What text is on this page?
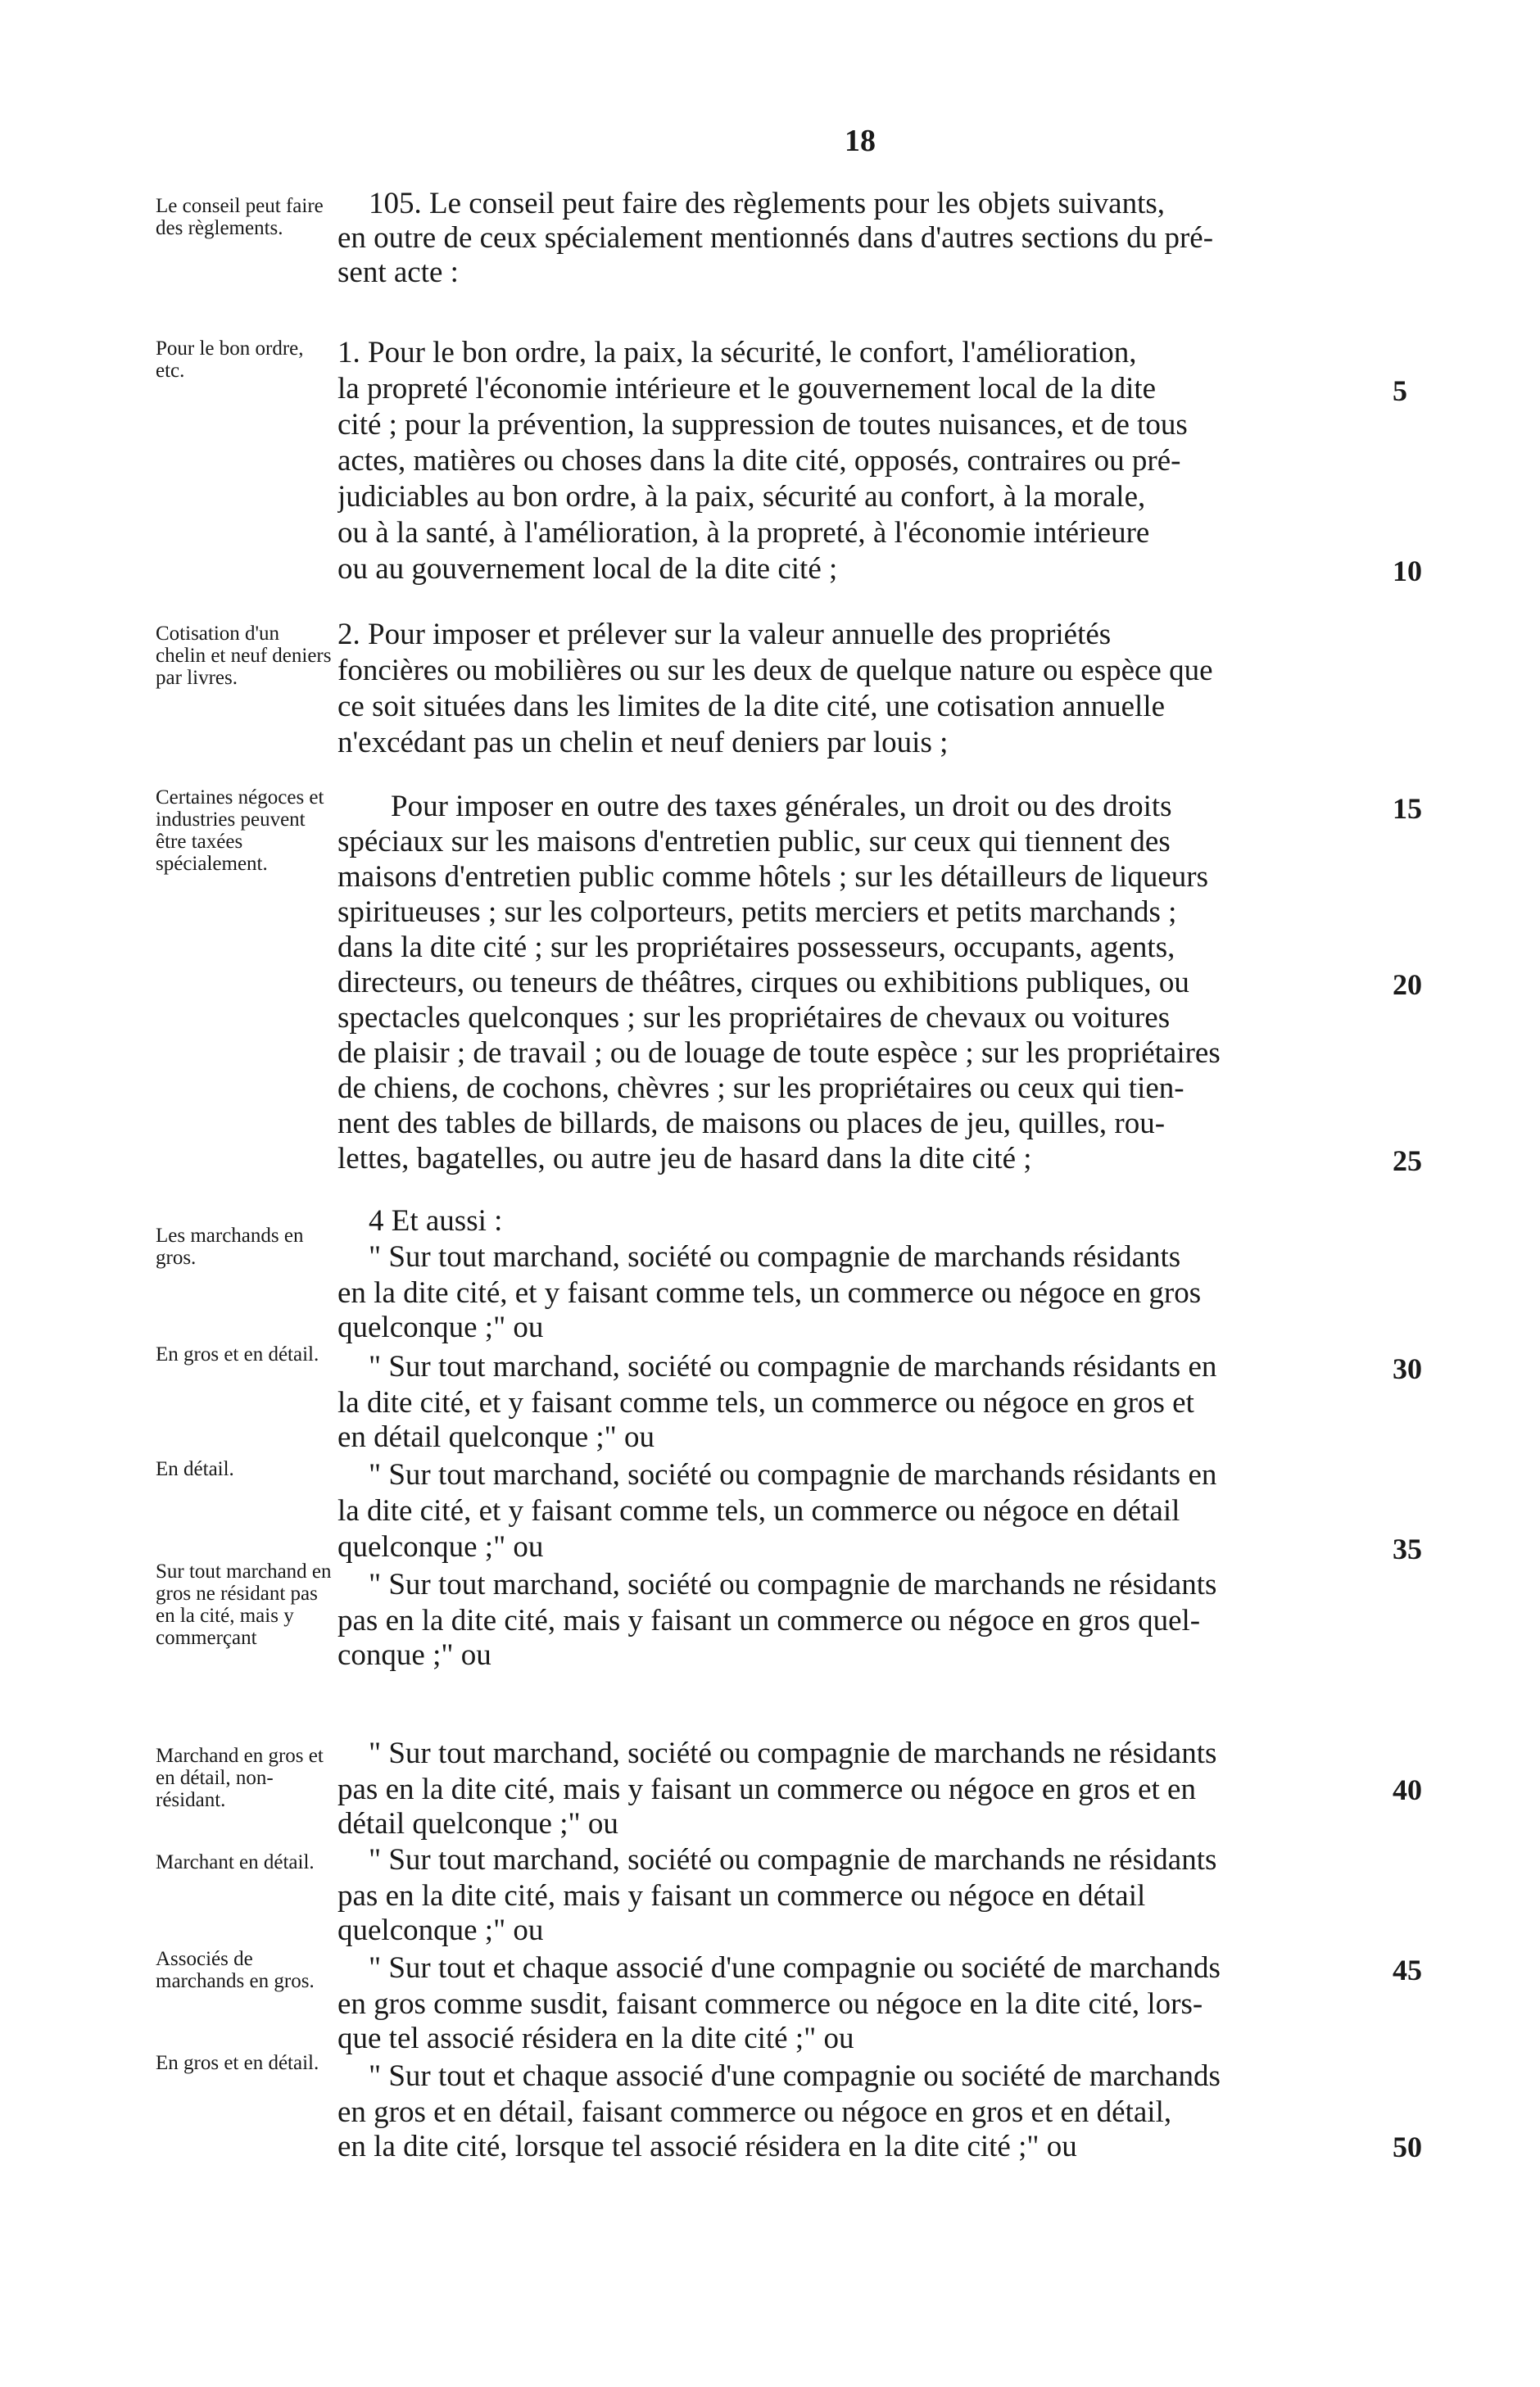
18
Le conseil peut faire des règlements.
Pour le bon ordre, etc.
Cotisation d'un chelin et neuf deniers par livres.
Certaines négoces et industries peuvent être taxées spécialement.
Les marchands en gros.
En gros et en détail.
En détail.
Sur tout marchand en gros ne résidant pas en la cité, mais y commerçant
Marchand en gros et en détail, non-résidant.
Marchant en détail.
Associés de marchands en gros.
En gros et en détail.
105. Le conseil peut faire des règlements pour les objets suivants,
en outre de ceux spécialement mentionnés dans d'autres sections du pré-
sent acte :
1. Pour le bon ordre, la paix, la sécurité, le confort, l'amélioration,
la propreté l'économie intérieure et le gouvernement local de la dite
cité ; pour la prévention, la suppression de toutes nuisances, et de tous
actes, matières ou choses dans la dite cité, opposés, contraires ou pré-
judiciables au bon ordre, à la paix, sécurité au confort, à la morale,
ou à la santé, à l'amélioration, à la propreté, à l'économie intérieure
ou au gouvernement local de la dite cité ;
2. Pour imposer et prélever sur la valeur annuelle des propriétés
foncières ou mobilières ou sur les deux de quelque nature ou espèce que
ce soit situées dans les limites de la dite cité, une cotisation annuelle
n'excédant pas un chelin et neuf deniers par louis ;
Pour imposer en outre des taxes générales, un droit ou des droits
spéciaux sur les maisons d'entretien public, sur ceux qui tiennent des
maisons d'entretien public comme hôtels ; sur les détailleurs de liqueurs
spiritueuses ; sur les colporteurs, petits merciers et petits marchands ;
dans la dite cité ; sur les propriétaires possesseurs, occupants, agents,
directeurs, ou teneurs de théâtres, cirques ou exhibitions publiques, ou
spectacles quelconques ; sur les propriétaires de chevaux ou voitures
de plaisir ; de travail ; ou de louage de toute espèce ; sur les propriétaires
de chiens, de cochons, chèvres ; sur les propriétaires ou ceux qui tien-
nent des tables de billards, de maisons ou places de jeu, quilles, rou-
lettes, bagatelles, ou autre jeu de hasard dans la dite cité ;
4 Et aussi :
" Sur tout marchand, société ou compagnie de marchands résidants
en la dite cité, et y faisant comme tels, un commerce ou négoce en gros
quelconque ;" ou
" Sur tout marchand, société ou compagnie de marchands résidants en
la dite cité, et y faisant comme tels, un commerce ou négoce en gros et
en détail quelconque ;" ou
" Sur tout marchand, société ou compagnie de marchands résidants en
la dite cité, et y faisant comme tels, un commerce ou négoce en détail
quelconque ;" ou
" Sur tout marchand, société ou compagnie de marchands ne résidants
pas en la dite cité, mais y faisant un commerce ou négoce en gros quel-
conque ;" ou
" Sur tout marchand, société ou compagnie de marchands ne résidants
pas en la dite cité, mais y faisant un commerce ou négoce en gros et en
détail quelconque ;" ou
" Sur tout marchand, société ou compagnie de marchands ne résidants
pas en la dite cité, mais y faisant un commerce ou négoce en détail
quelconque ;" ou
" Sur tout et chaque associé d'une compagnie ou société de marchands
en gros comme susdit, faisant commerce ou négoce en la dite cité, lors-
que tel associé résidera en la dite cité ;" ou
" Sur tout et chaque associé d'une compagnie ou société de marchands
en gros et en détail, faisant commerce ou négoce en gros et en détail,
en la dite cité, lorsque tel associé résidera en la dite cité ;" ou
5
10
15
20
25
30
35
40
45
50
